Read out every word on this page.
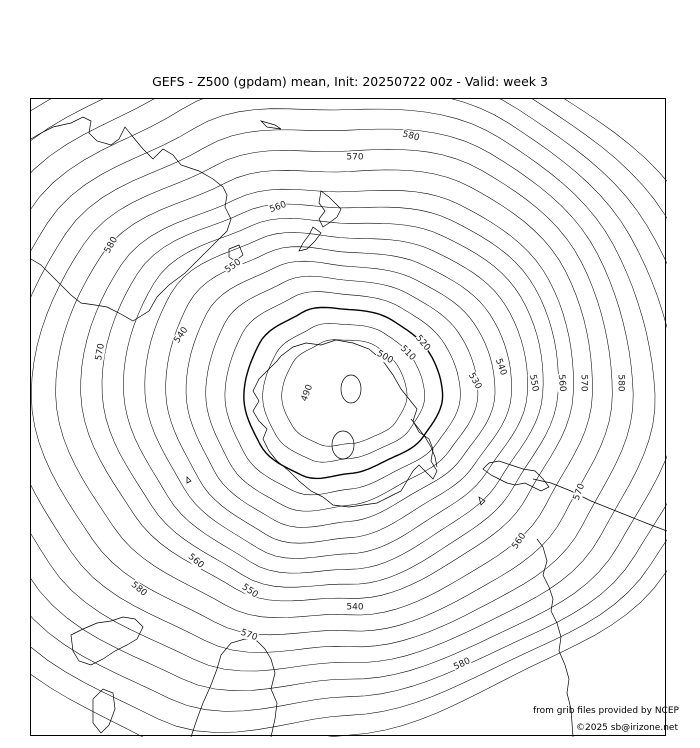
GEFS - Z500 (gpdam) mean, Init: 20250722 00z - Valid: week 3
580
570
560
580
550
540
570
490
500 510
520
530
540
550 560 570	580
570
560
560
550
540
580
570
580
from grib files provided by NCEP
©2025 sb@irizone.net
